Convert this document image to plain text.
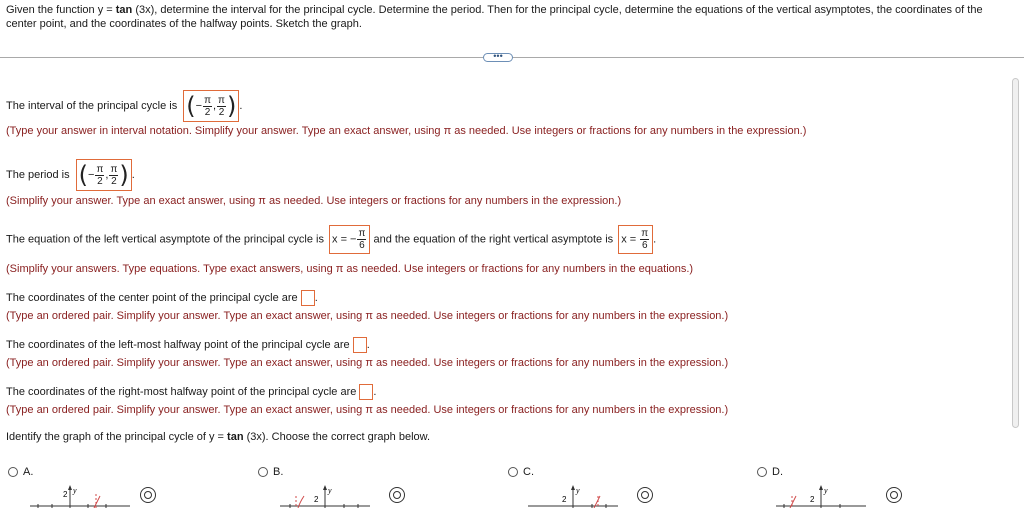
Given the function y = tan (3x), determine the interval for the principal cycle. Determine the period. Then for the principal cycle, determine the equations of the vertical asymptotes, the coordinates of the center point, and the coordinates of the halfway points. Sketch the graph.
•••
The interval of the principal cycle is (− $\frac{\pi}{2}$ , $\frac{\pi}{2}$ ) .
(Type your answer in interval notation. Simplify your answer. Type an exact answer, using π as needed. Use integers or fractions for any numbers in the expression.)
The period is (− $\frac{\pi}{2}$ , $\frac{\pi}{2}$ ) .
(Simplify your answer. Type an exact answer, using π as needed. Use integers or fractions for any numbers in the expression.)
The equation of the left vertical asymptote of the principal cycle is x = − $\frac{\pi}{6}$ and the equation of the right vertical asymptote is $x = \frac{\pi}{6}$ .
(Simplify your answers. Type equations. Type exact answers, using π as needed. Use integers or fractions for any numbers in the equations.)
The coordinates of the center point of the principal cycle are .
(Type an ordered pair. Simplify your answer. Type an exact answer, using π as needed. Use integers or fractions for any numbers in the expression.)
The coordinates of the left-most halfway point of the principal cycle are .
(Type an ordered pair. Simplify your answer. Type an exact answer, using π as needed. Use integers or fractions for any numbers in the expression.)
The coordinates of the right-most halfway point of the principal cycle are .
(Type an ordered pair. Simplify your answer. Type an exact answer, using π as needed. Use integers or fractions for any numbers in the expression.)
Identify the graph of the principal cycle of y = tan (3x). Choose the correct graph below.
A.	B.	C.	D.
2 y
2
y
2
y
2
y
